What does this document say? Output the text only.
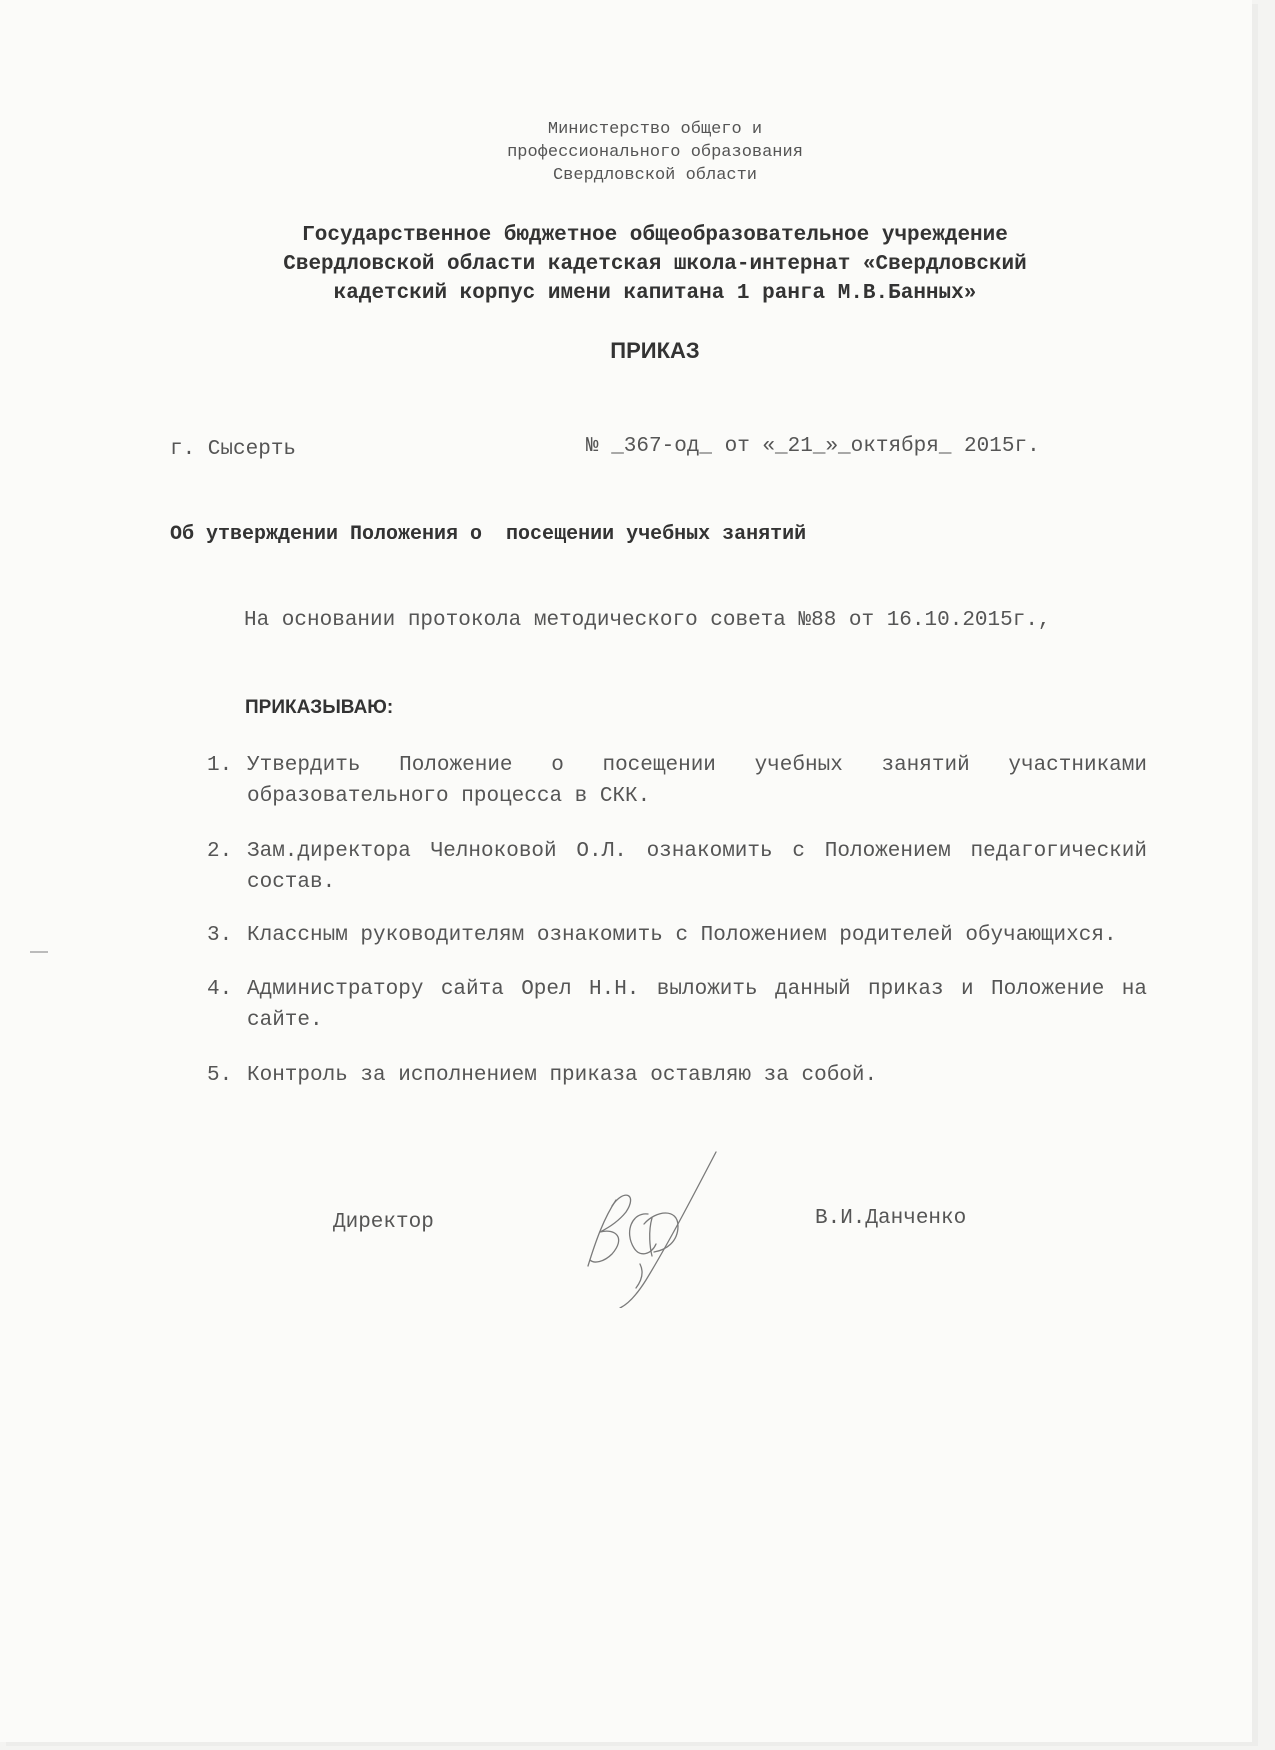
Министерство общего и
профессионального образования
Свердловской области
Государственное бюджетное общеобразовательное учреждение
Свердловской области кадетская школа-интернат «Свердловский
кадетский корпус имени капитана 1 ранга М.В.Банных»
ПРИКАЗ
г. Сысерть	№ _367-од_ от «_21_»_октября_ 2015г.
Об утверждении Положения о  посещении учебных занятий
На основании протокола методического совета №88 от 16.10.2015г.,
ПРИКАЗЫВАЮ:
1. Утвердить Положение о посещении учебных занятий участниками образовательного процесса в СКК.
2. Зам.директора Челноковой О.Л. ознакомить с Положением педагогический состав.
3. Классным руководителям ознакомить с Положением родителей обучающихся.
4. Администратору сайта Орел Н.Н. выложить данный приказ и Положение на сайте.
5. Контроль за исполнением приказа оставляю за собой.
Директор	В.И.Данченко
